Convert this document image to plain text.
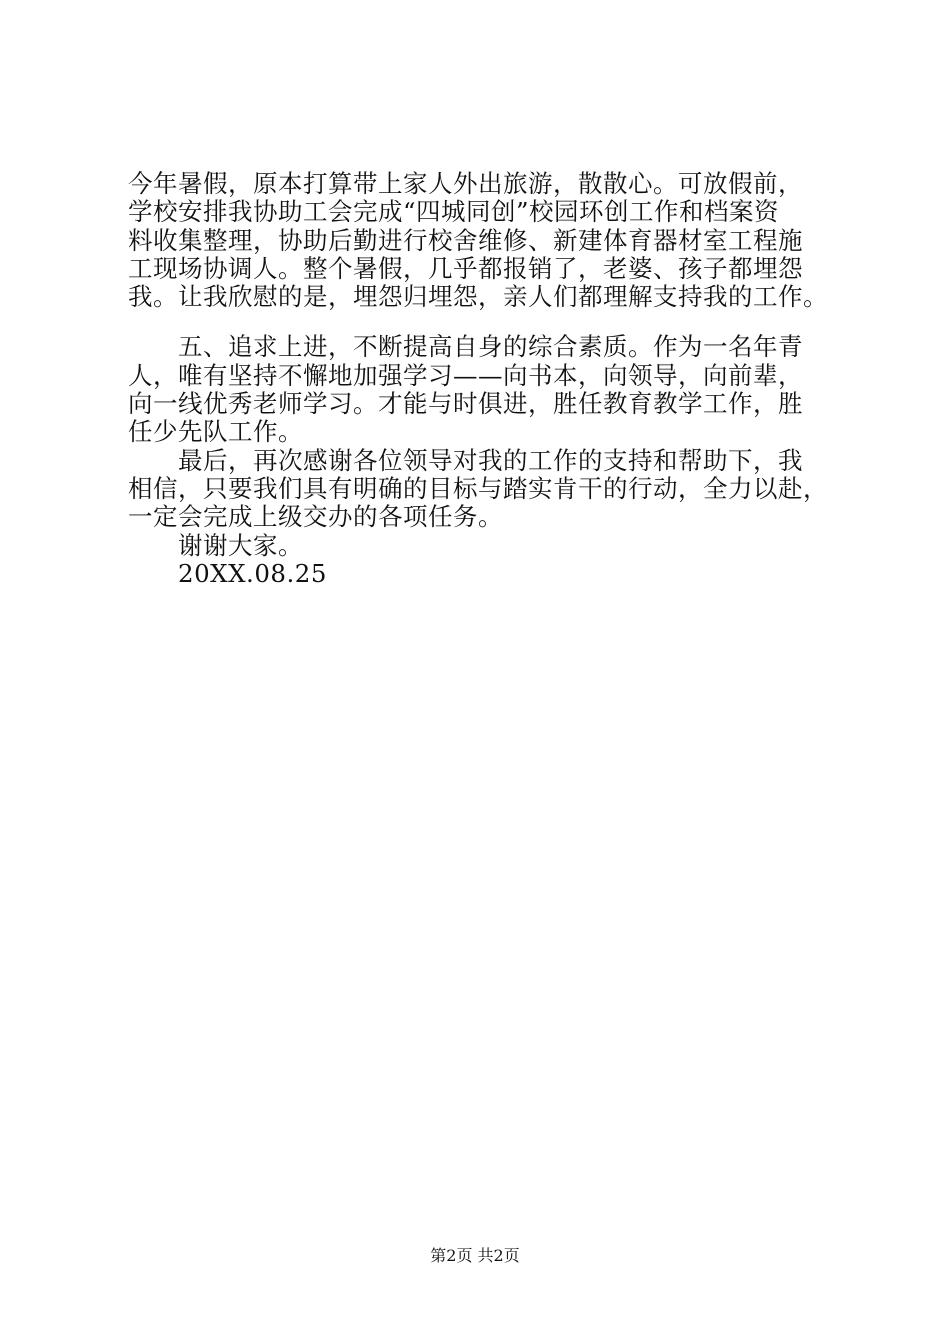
今年暑假，原本打算带上家人外出旅游，散散心。可放假前，
学校安排我协助工会完成“四城同创”校园环创工作和档案资
料收集整理，协助后勤进行校舍维修、新建体育器材室工程施
工现场协调人。整个暑假，几乎都报销了，老婆、孩子都埋怨
我。让我欣慰的是，埋怨归埋怨，亲人们都理解支持我的工作。
五、追求上进，不断提高自身的综合素质。作为一名年青
人，唯有坚持不懈地加强学习——向书本，向领导，向前辈，
向一线优秀老师学习。才能与时俱进，胜任教育教学工作，胜
任少先队工作。
最后，再次感谢各位领导对我的工作的支持和帮助下，我
相信，只要我们具有明确的目标与踏实肯干的行动，全力以赴，
一定会完成上级交办的各项任务。
谢谢大家。
20XX.08.25
第2页 共2页
